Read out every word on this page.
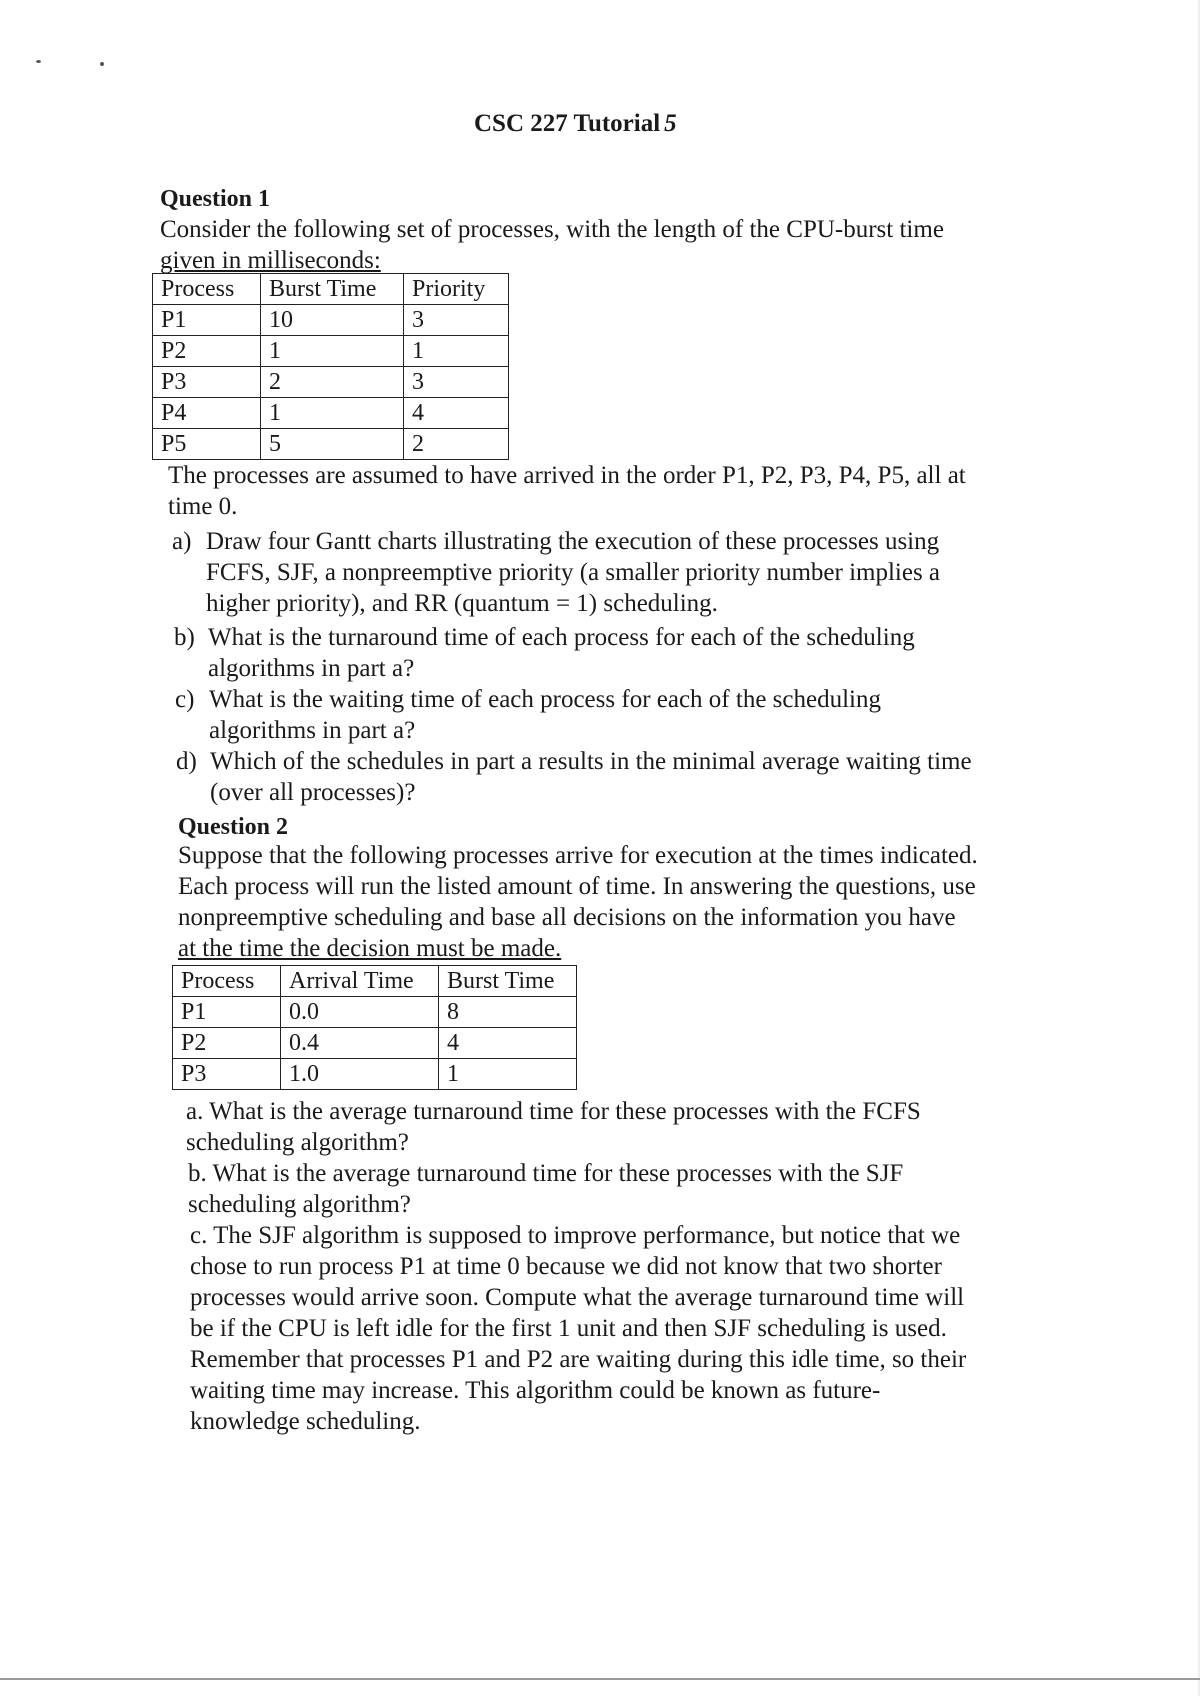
CSC 227 Tutorial 5
Question 1
Consider the following set of processes, with the length of the CPU-burst time
given in milliseconds:
Process	Burst Time	Priority
P1	10	3
P2	1	1
P3	2	3
P4	1	4
P5	5	2
The processes are assumed to have arrived in the order P1, P2, P3, P4, P5, all at
time 0.
a) Draw four Gantt charts illustrating the execution of these processes using
FCFS, SJF, a nonpreemptive priority (a smaller priority number implies a
higher priority), and RR (quantum = 1) scheduling.
b) What is the turnaround time of each process for each of the scheduling
algorithms in part a?
c) What is the waiting time of each process for each of the scheduling
algorithms in part a?
d) Which of the schedules in part a results in the minimal average waiting time
(over all processes)?
Question 2
Suppose that the following processes arrive for execution at the times indicated.
Each process will run the listed amount of time. In answering the questions, use
nonpreemptive scheduling and base all decisions on the information you have
at the time the decision must be made.
Process	Arrival Time	Burst Time
P1	0.0	8
P2	0.4	4
P3	1.0	1
a. What is the average turnaround time for these processes with the FCFS
scheduling algorithm?
b. What is the average turnaround time for these processes with the SJF
scheduling algorithm?
c. The SJF algorithm is supposed to improve performance, but notice that we
chose to run process P1 at time 0 because we did not know that two shorter
processes would arrive soon. Compute what the average turnaround time will
be if the CPU is left idle for the first 1 unit and then SJF scheduling is used.
Remember that processes P1 and P2 are waiting during this idle time, so their
waiting time may increase. This algorithm could be known as future-
knowledge scheduling.
